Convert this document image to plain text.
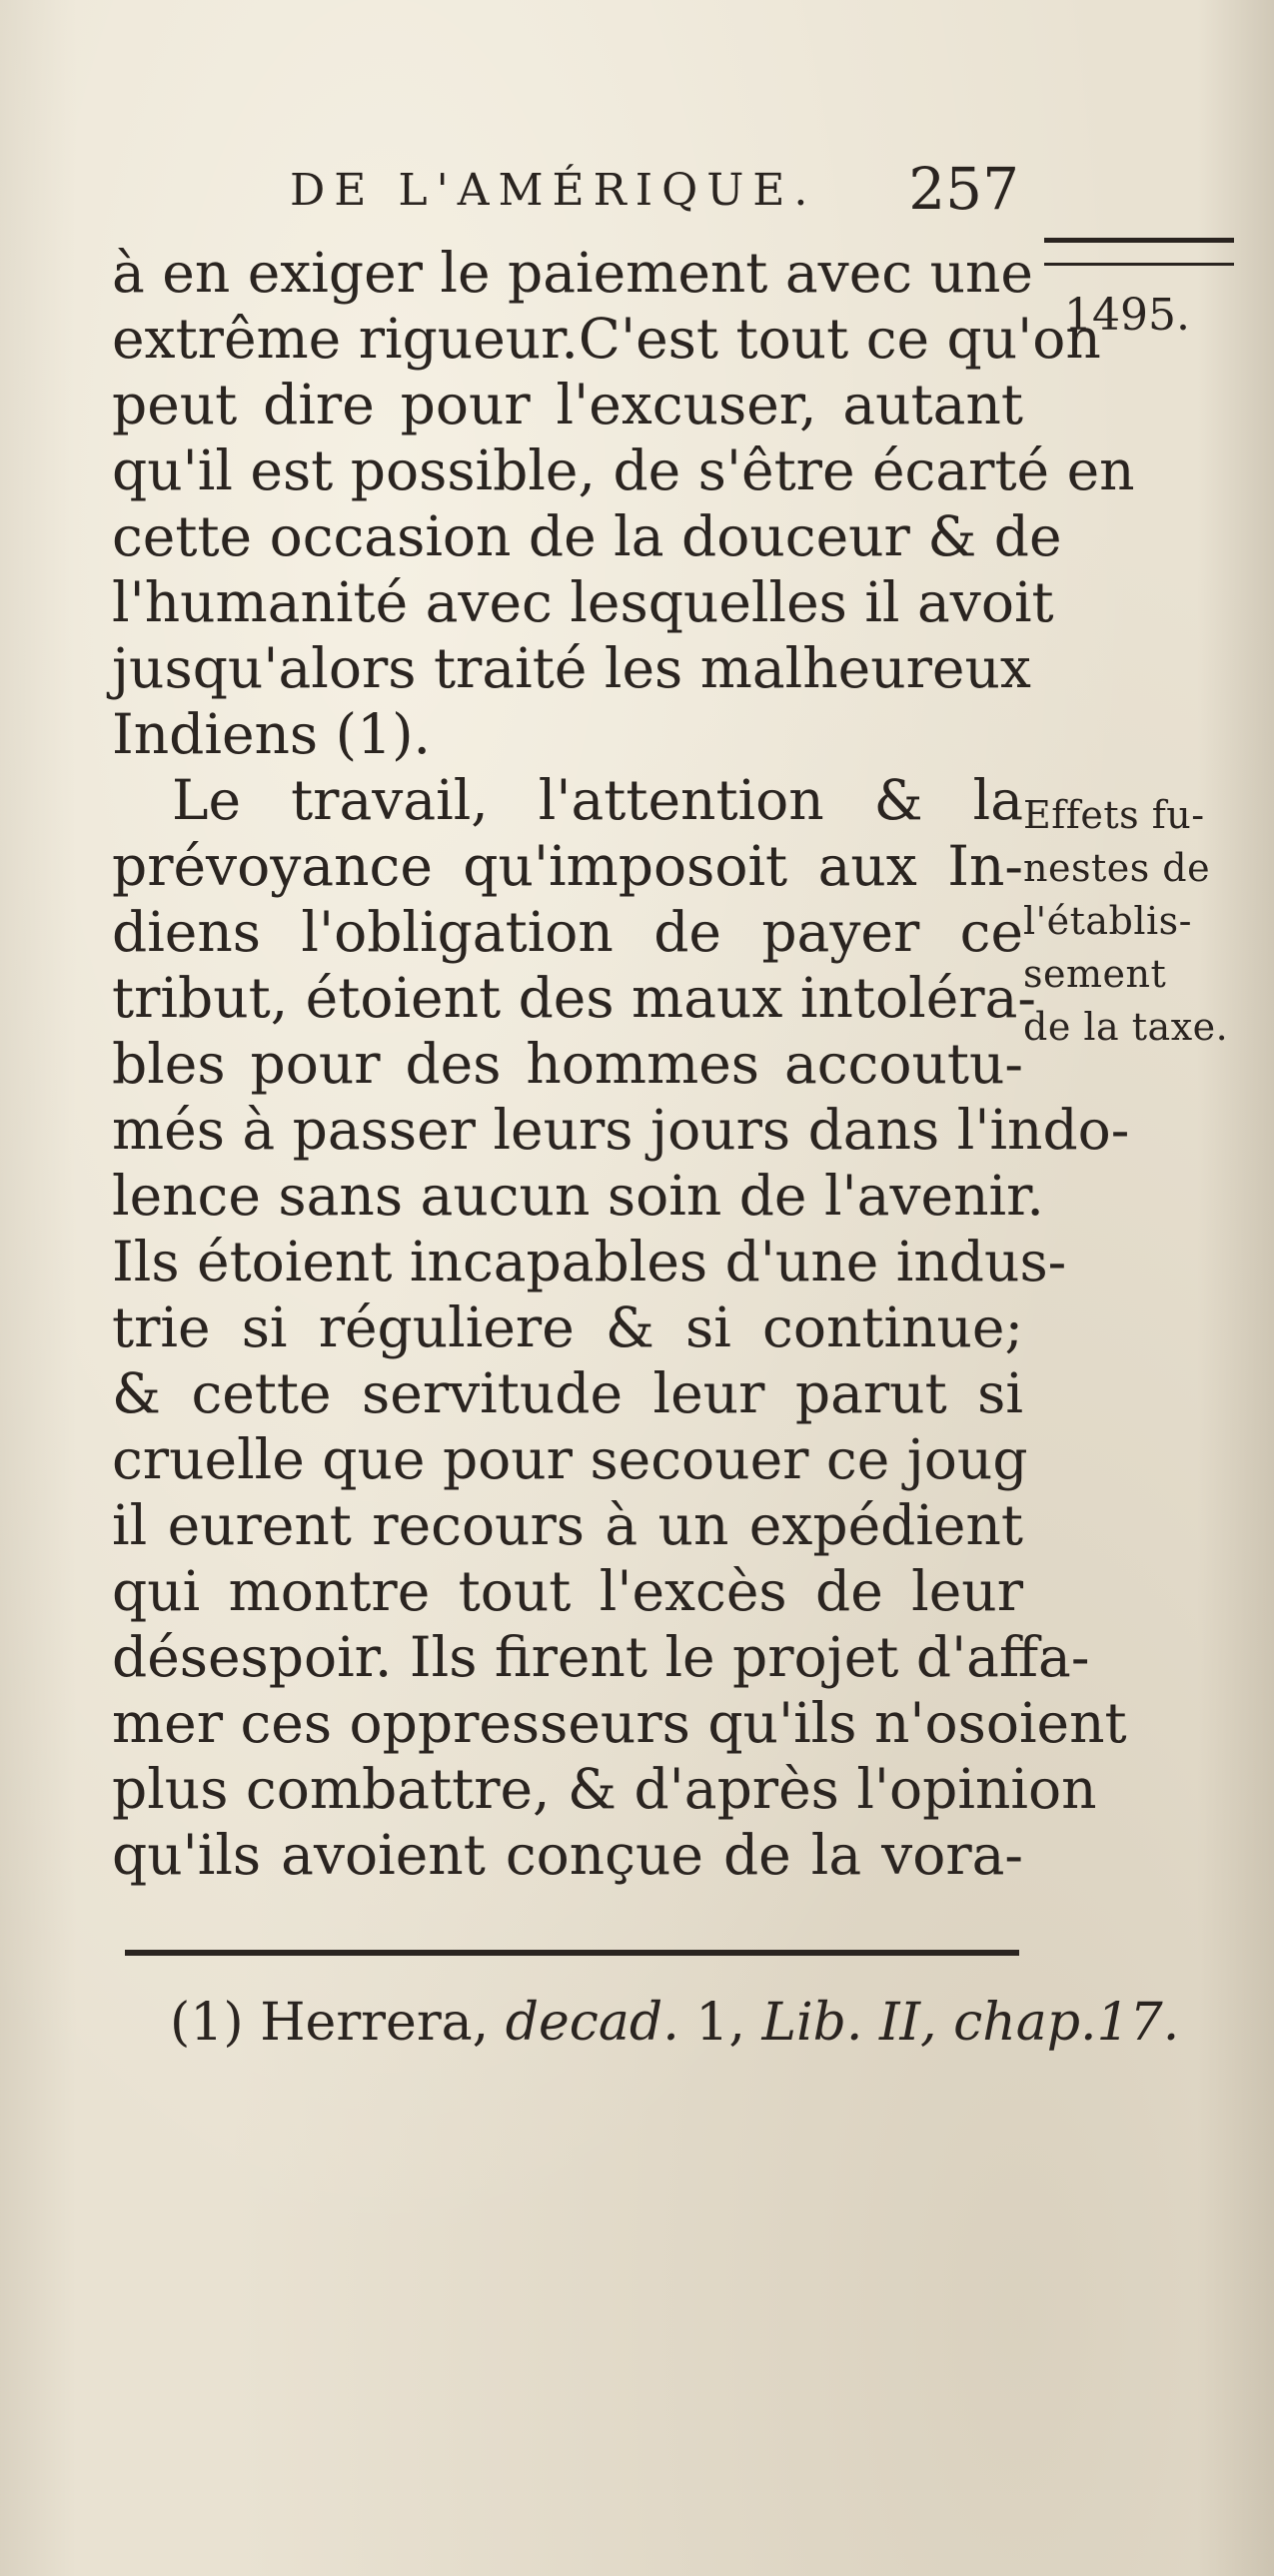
DE L'AMÉRIQUE. 257
1495.
à en exiger le paiement avec une
extrême rigueur.C'est tout ce qu'on
peut dire pour l'excuser, autant
qu'il est possible, de s'être écarté en
cette occasion de la douceur & de
l'humanité avec lesquelles il avoit
jusqu'alors traité les malheureux
Indiens (1).
Le travail, l'attention & la
prévoyance qu'imposoit aux In-
diens l'obligation de payer ce
tribut, étoient des maux intoléra-
bles pour des hommes accoutu-
més à passer leurs jours dans l'indo-
lence sans aucun soin de l'avenir.
Ils étoient incapables d'une indus-
trie si réguliere & si continue;
& cette servitude leur parut si
cruelle que pour secouer ce joug
il eurent recours à un expédient
qui montre tout l'excès de leur
désespoir. Ils firent le projet d'affa-
mer ces oppresseurs qu'ils n'osoient
plus combattre, & d'après l'opinion
qu'ils avoient conçue de la vora-
Effets fu-
nestes de
l'établis-
sement
de la taxe.
(1) Herrera, decad. 1, Lib. II, chap.17.
